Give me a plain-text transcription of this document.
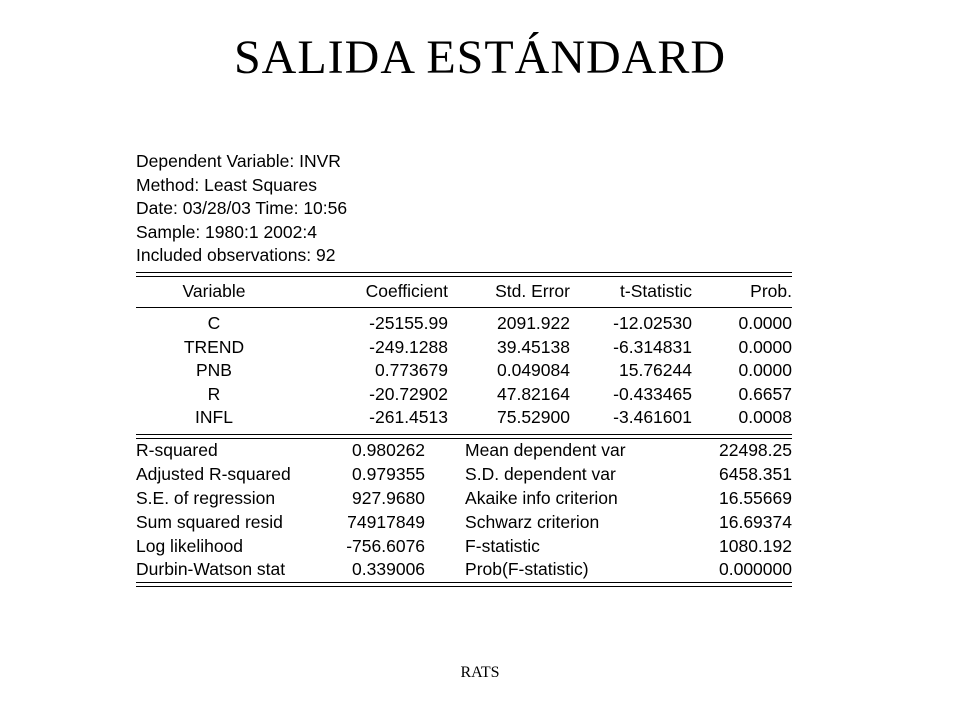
SALIDA ESTÁNDARD
Dependent Variable: INVR
Method: Least Squares
Date: 03/28/03 Time: 10:56
Sample: 1980:1 2002:4
Included observations: 92
Variable	Coefficient	Std. Error	t-Statistic	Prob.

C	-25155.99	2091.922	-12.02530	0.0000
TREND	-249.1288	39.45138	-6.314831	0.0000
PNB	0.773679	0.049084	15.76244	0.0000
R	-20.72902	47.82164	-0.433465	0.6657
INFL	-261.4513	75.52900	-3.461601	0.0008

R-squared	0.980262	Mean dependent var	22498.25
Adjusted R-squared	0.979355	S.D. dependent var	6458.351
S.E. of regression	927.9680	Akaike info criterion	16.55669
Sum squared resid	74917849	Schwarz criterion	16.69374
Log likelihood	-756.6076	F-statistic	1080.192
Durbin-Watson stat	0.339006	Prob(F-statistic)	0.000000
RATS
